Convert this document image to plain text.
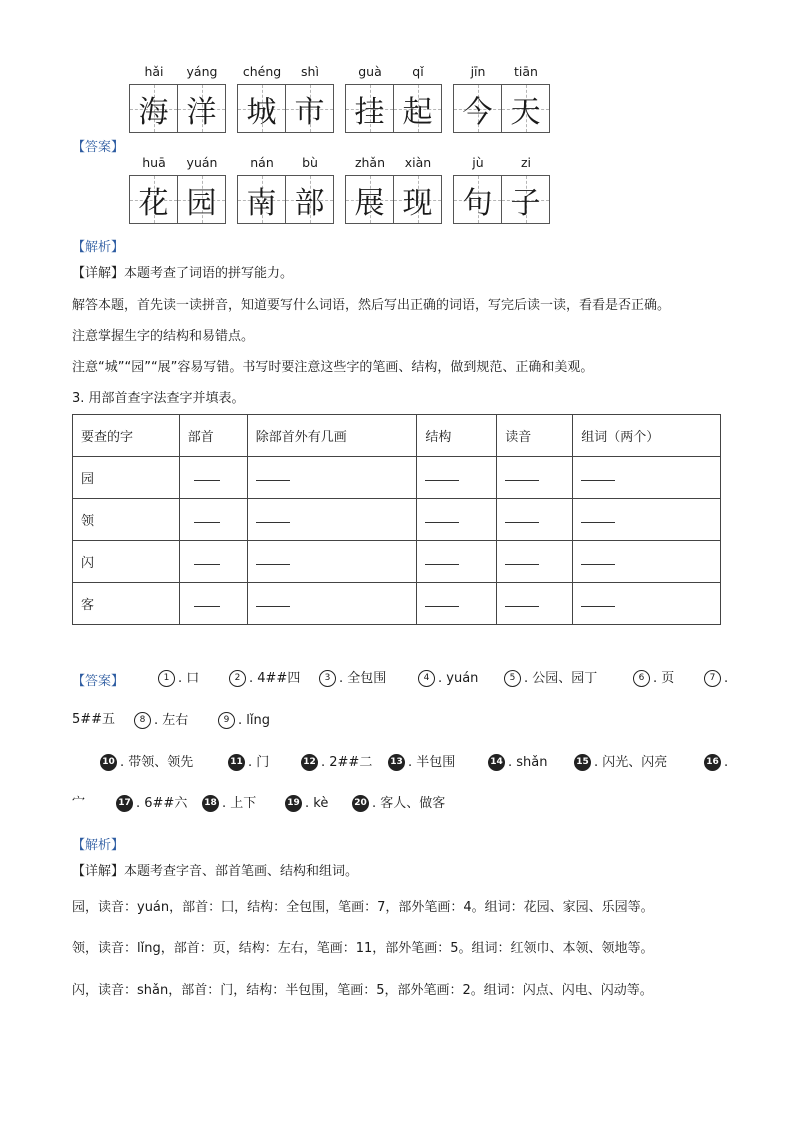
hǎi
海
yáng
洋
chéng
城
shì
市
guà
挂
qǐ
起
jīn
今
tiān
天
huā
花
yuán
园
nán
南
bù
部
zhǎn
展
xiàn
现
jù
句
zi
子
【答案】
【解析】
【详解】本题考查了词语的拼写能力。
解答本题，首先读一读拼音，知道要写什么词语，然后写出正确的词语，写完后读一读，看看是否正确。
注意掌握生字的结构和易错点。
注意“城”“园”“展”容易写错。书写时要注意这些字的笔画、结构，做到规范、正确和美观。
3. 用部首查字法查字并填表。
要查的字	部首	除部首外有几画	结构	读音	组词（两个）
园					
领					
闪					
客					
【答案】	1 . 口	2 . 4##四	3 . 全包围	4 . yuán	5 . 公园、园丁	6 . 页	7 .
5##五	8 . 左右	9 . lǐng
10 . 带领、领先	11 . 门	12 . 2##二 13 . 半包围	14 . shǎn	15 . 闪光、闪亮	16 .
宀	17 . 6##六 18 . 上下	19 . kè	20 . 客人、做客
【解析】
【详解】本题考查字音、部首笔画、结构和组词。
园，读音：yuán，部首：囗，结构：全包围，笔画：7，部外笔画：4。组词：花园、家园、乐园等。
领，读音：lǐng，部首：页，结构：左右，笔画：11，部外笔画：5。组词：红领巾、本领、领地等。
闪，读音：shǎn，部首：门，结构：半包围，笔画：5，部外笔画：2。组词：闪点、闪电、闪动等。
